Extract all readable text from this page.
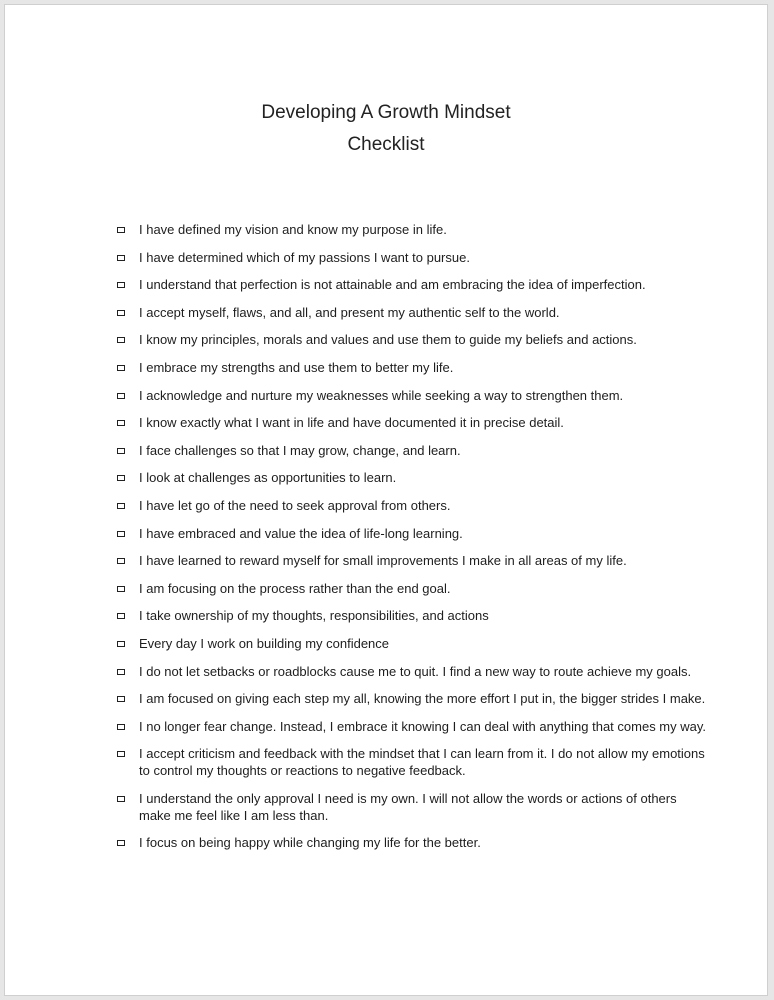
Developing A Growth Mindset
Checklist
I have defined my vision and know my purpose in life.
I have determined which of my passions I want to pursue.
I understand that perfection is not attainable and am embracing the idea of imperfection.
I accept myself, flaws, and all, and present my authentic self to the world.
I know my principles, morals and values and use them to guide my beliefs and actions.
I embrace my strengths and use them to better my life.
I acknowledge and nurture my weaknesses while seeking a way to strengthen them.
I know exactly what I want in life and have documented it in precise detail.
I face challenges so that I may grow, change, and learn.
I look at challenges as opportunities to learn.
I have let go of the need to seek approval from others.
I have embraced and value the idea of life-long learning.
I have learned to reward myself for small improvements I make in all areas of my life.
I am focusing on the process rather than the end goal.
I take ownership of my thoughts, responsibilities, and actions
Every day I work on building my confidence
I do not let setbacks or roadblocks cause me to quit. I find a new way to route achieve my goals.
I am focused on giving each step my all, knowing the more effort I put in, the bigger strides I make.
I no longer fear change. Instead, I embrace it knowing I can deal with anything that comes my way.
I accept criticism and feedback with the mindset that I can learn from it. I do not allow my emotions to control my thoughts or reactions to negative feedback.
I understand the only approval I need is my own. I will not allow the words or actions of others make me feel like I am less than.
I focus on being happy while changing my life for the better.
